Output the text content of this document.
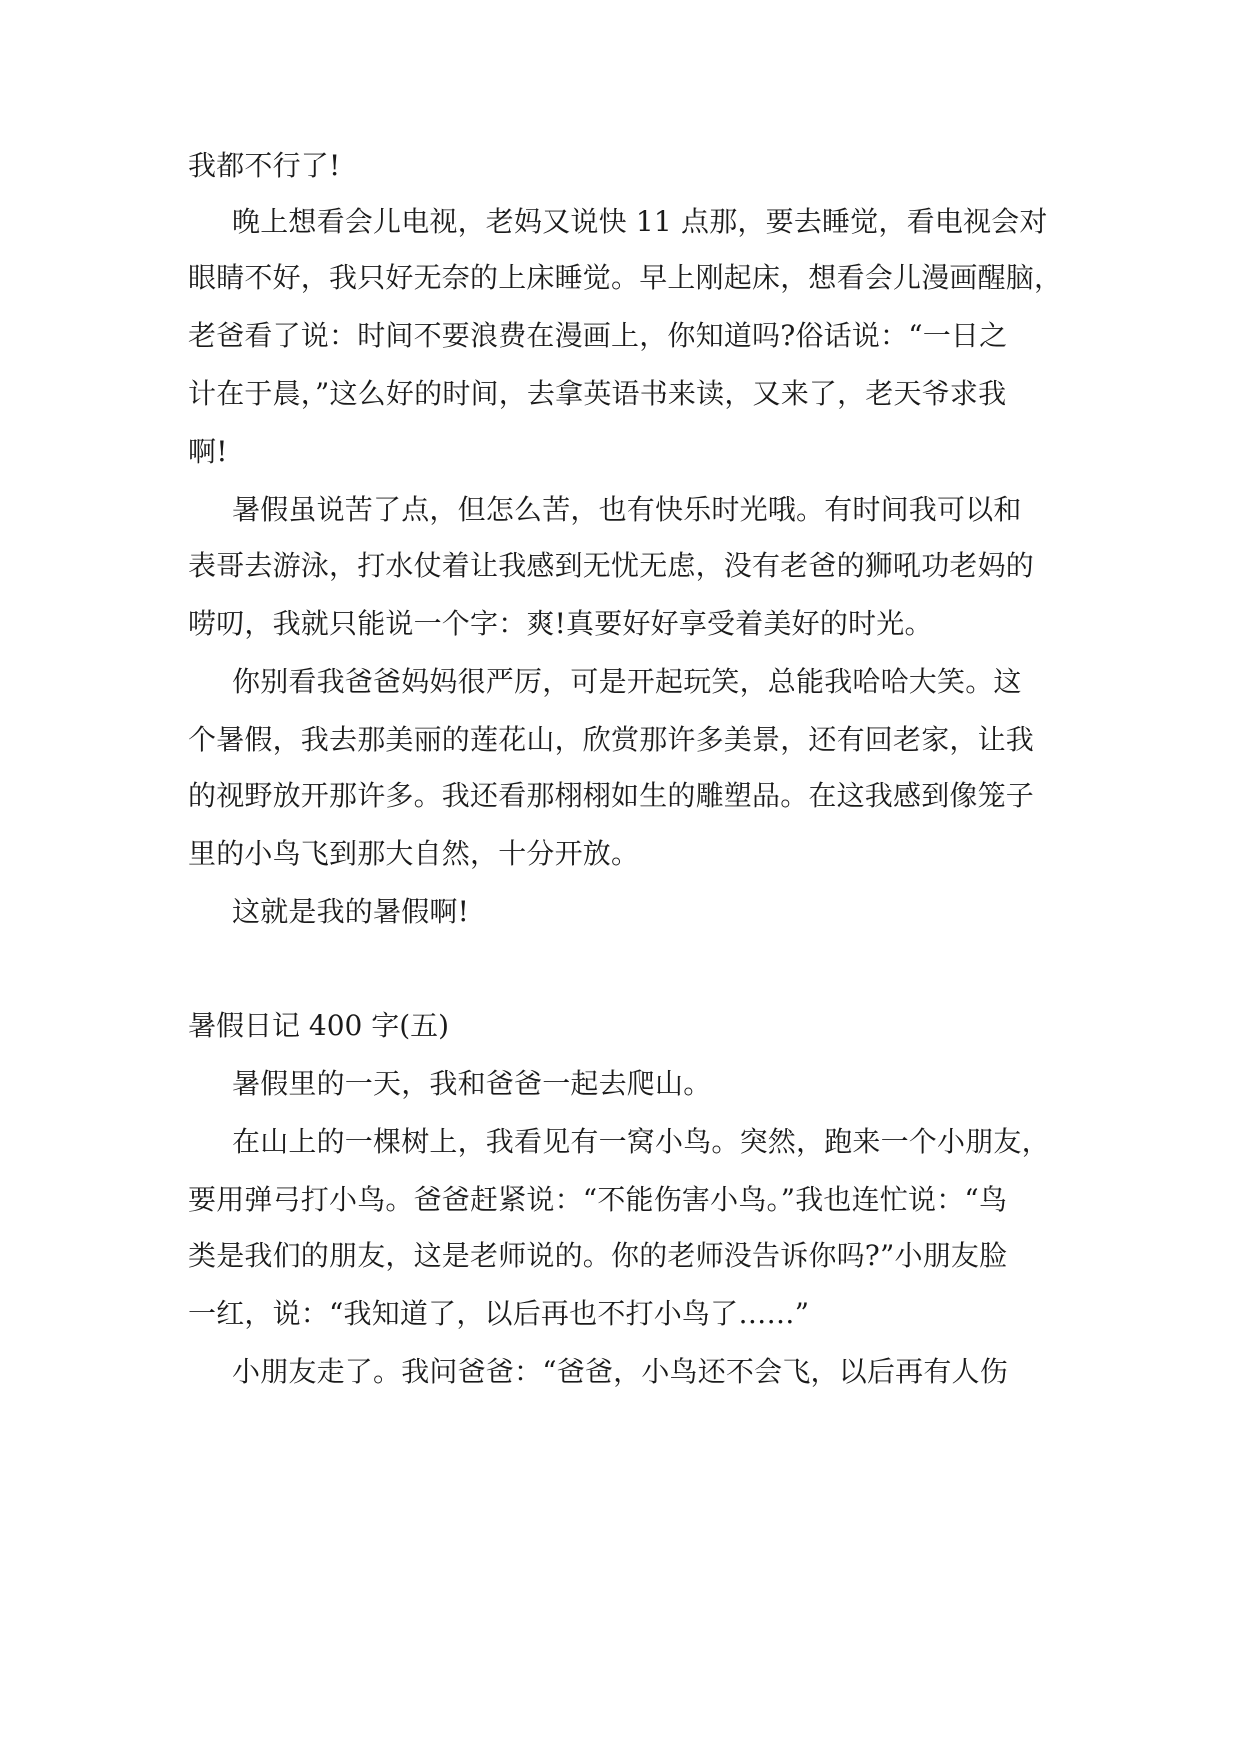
我都不行了!
晚上想看会儿电视，老妈又说快 11 点那，要去睡觉，看电视会对
眼睛不好，我只好无奈的上床睡觉。早上刚起床，想看会儿漫画醒脑，
老爸看了说：时间不要浪费在漫画上，你知道吗?俗话说：“一日之
计在于晨，”这么好的时间，去拿英语书来读，又来了，老天爷求我
啊!
暑假虽说苦了点，但怎么苦，也有快乐时光哦。有时间我可以和
表哥去游泳，打水仗着让我感到无忧无虑，没有老爸的狮吼功老妈的
唠叨，我就只能说一个字：爽!真要好好享受着美好的时光。
你别看我爸爸妈妈很严厉，可是开起玩笑，总能我哈哈大笑。这
个暑假，我去那美丽的莲花山，欣赏那许多美景，还有回老家，让我
的视野放开那许多。我还看那栩栩如生的雕塑品。在这我感到像笼子
里的小鸟飞到那大自然，十分开放。
这就是我的暑假啊!
暑假日记 400 字(五)
暑假里的一天，我和爸爸一起去爬山。
在山上的一棵树上，我看见有一窝小鸟。突然，跑来一个小朋友，
要用弹弓打小鸟。爸爸赶紧说：“不能伤害小鸟。”我也连忙说：“鸟
类是我们的朋友，这是老师说的。你的老师没告诉你吗?”小朋友脸
一红，说：“我知道了，以后再也不打小鸟了……”
小朋友走了。我问爸爸：“爸爸，小鸟还不会飞，以后再有人伤
